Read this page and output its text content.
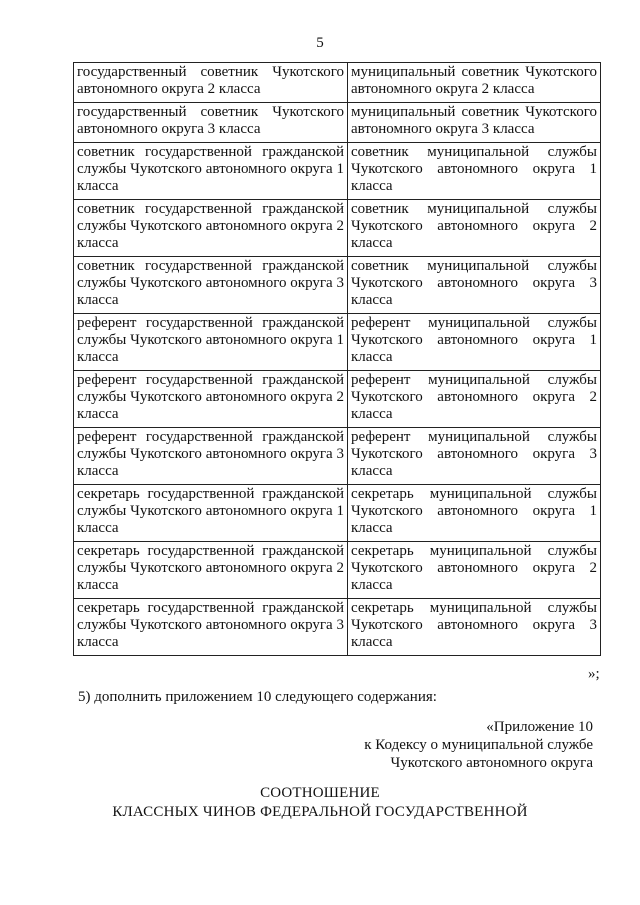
5
государственный советник Чукотского автономного округа 2 класса	муниципальный советник Чукотского автономного округа 2 класса
государственный советник Чукотского автономного округа 3 класса	муниципальный советник Чукотского автономного округа 3 класса
советник государственной гражданской службы Чукотского автономного округа 1 класса	советник муниципальной службы Чукотского автономного округа 1 класса
советник государственной гражданской службы Чукотского автономного округа 2 класса	советник муниципальной службы Чукотского автономного округа 2 класса
советник государственной гражданской службы Чукотского автономного округа 3 класса	советник муниципальной службы Чукотского автономного округа 3 класса
референт государственной гражданской службы Чукотского автономного округа 1 класса	референт муниципальной службы Чукотского автономного округа 1 класса
референт государственной гражданской службы Чукотского автономного округа 2 класса	референт муниципальной службы Чукотского автономного округа 2 класса
референт государственной гражданской службы Чукотского автономного округа 3 класса	референт муниципальной службы Чукотского автономного округа 3 класса
секретарь государственной гражданской службы Чукотского автономного округа 1 класса	секретарь муниципальной службы Чукотского автономного округа 1 класса
секретарь государственной гражданской службы Чукотского автономного округа 2 класса	секретарь муниципальной службы Чукотского автономного округа 2 класса
секретарь государственной гражданской службы Чукотского автономного округа 3 класса	секретарь муниципальной службы Чукотского автономного округа 3 класса
»;
5) дополнить приложением 10 следующего содержания:
«Приложение 10
к Кодексу о муниципальной службе
Чукотского автономного округа
СООТНОШЕНИЕ
КЛАССНЫХ ЧИНОВ ФЕДЕРАЛЬНОЙ ГОСУДАРСТВЕННОЙ
